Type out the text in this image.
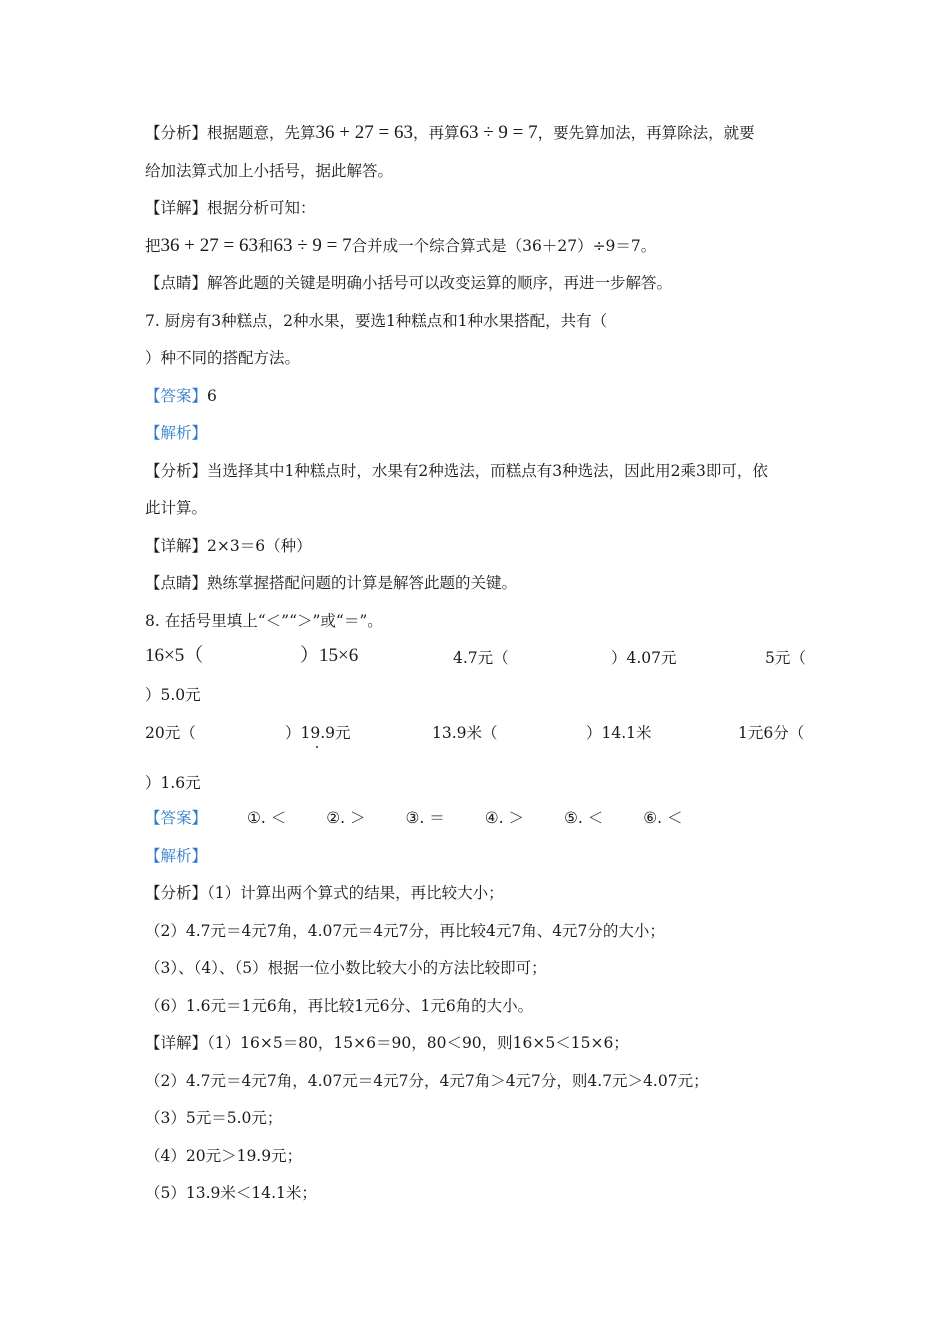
【分析】根据题意，先算36 + 27 = 63，再算63 ÷ 9 = 7，要先算加法，再算除法，就要
给加法算式加上小括号，据此解答。
【详解】根据分析可知：
把36 + 27 = 63和63 ÷ 9 = 7合并成一个综合算式是（36＋27）÷9＝7。
【点睛】解答此题的关键是明确小括号可以改变运算的顺序，再进一步解答。
7. 厨房有3种糕点，2种水果，要选1种糕点和1种水果搭配，共有（
）种不同的搭配方法。
【答案】6
【解析】
【分析】当选择其中1种糕点时，水果有2种选法，而糕点有3种选法，因此用2乘3即可，依
此计算。
【详解】2×3＝6（种）
【点睛】熟练掌握搭配问题的计算是解答此题的关键。
8. 在括号里填上“＜”“＞”或“＝”。
16×5（	）15×6	4.7元（	）4.07元	5元（
）5.0元
20元（	）19.9元	13.9米（	）14.1米	1元6分（
）1.6元
【答案】	①. ＜	②. ＞	③. ＝	④. ＞	⑤. ＜	⑥. ＜
【解析】
【分析】（1）计算出两个算式的结果，再比较大小；
（2）4.7元＝4元7角，4.07元＝4元7分，再比较4元7角、4元7分的大小；
（3）、（4）、（5）根据一位小数比较大小的方法比较即可；
（6）1.6元＝1元6角，再比较1元6分、1元6角的大小。
【详解】（1）16×5＝80，15×6＝90，80＜90，则16×5＜15×6；
（2）4.7元＝4元7角，4.07元＝4元7分，4元7角＞4元7分，则4.7元＞4.07元；
（3）5元＝5.0元；
（4）20元＞19.9元；
（5）13.9米＜14.1米；
